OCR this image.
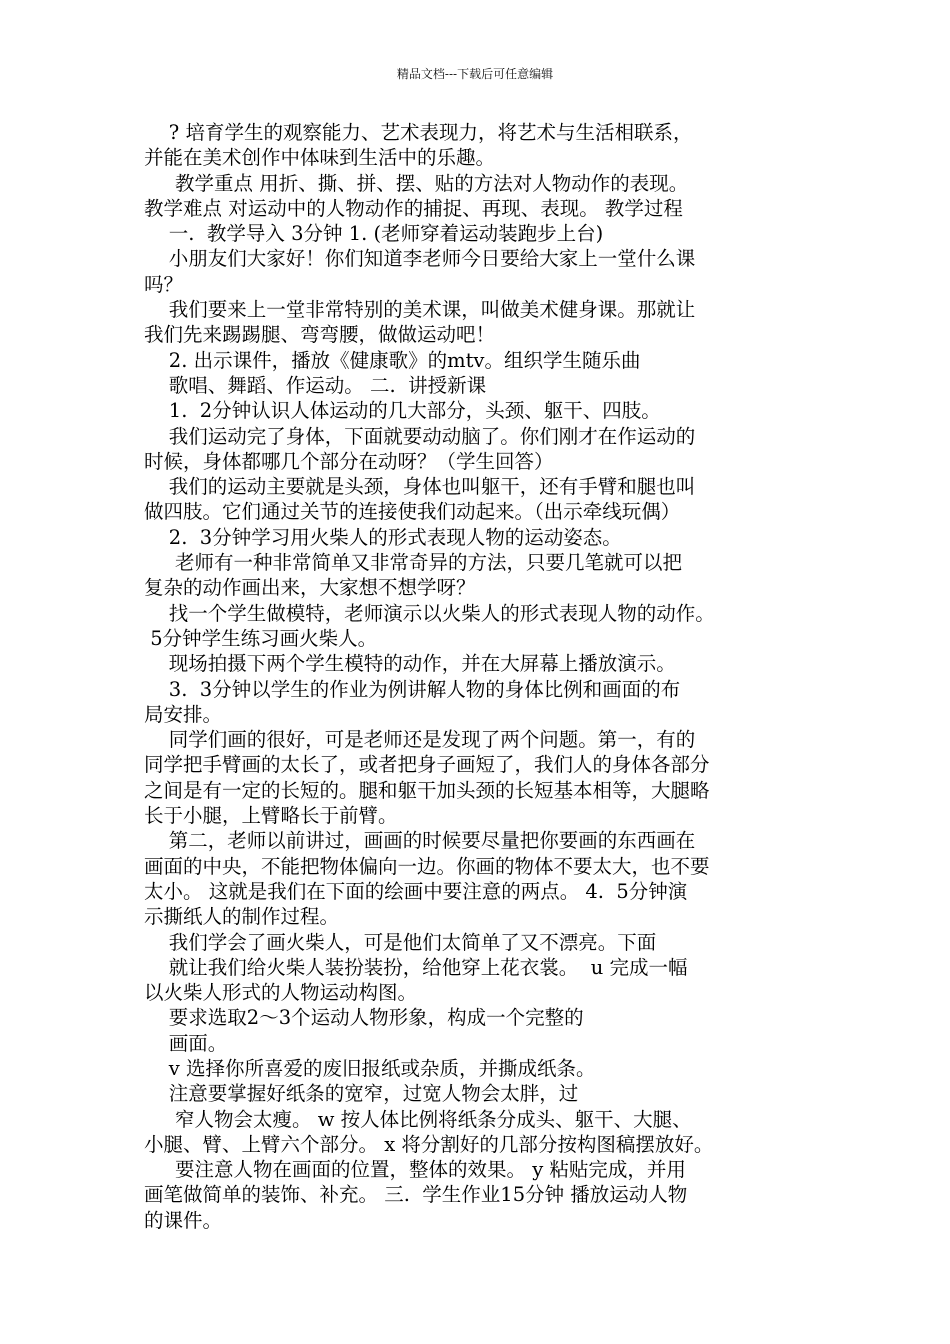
精品文档---下载后可任意编辑
? 培育学生的观察能力、艺术表现力，将艺术与生活相联系，
并能在美术创作中体味到生活中的乐趣。
教学重点 用折、撕、拼、摆、贴的方法对人物动作的表现。
教学难点 对运动中的人物动作的捕捉、再现、表现。 教学过程
一.  教学导入 3分钟 1. (老师穿着运动装跑步上台)
小朋友们大家好！你们知道李老师今日要给大家上一堂什么课
吗？
我们要来上一堂非常特别的美术课，叫做美术健身课。那就让
我们先来踢踢腿、弯弯腰，做做运动吧！
2. 出示课件，播放《健康歌》的mtv。组织学生随乐曲
歌唱、舞蹈、作运动。 二.  讲授新课
1.  2分钟认识人体运动的几大部分，头颈、躯干、四肢。
我们运动完了身体，下面就要动动脑了。你们刚才在作运动的
时候，身体都哪几个部分在动呀？（学生回答）
我们的运动主要就是头颈，身体也叫躯干，还有手臂和腿也叫
做四肢。它们通过关节的连接使我们动起来。（出示牵线玩偶）
2.  3分钟学习用火柴人的形式表现人物的运动姿态。
老师有一种非常简单又非常奇异的方法，只要几笔就可以把
复杂的动作画出来，大家想不想学呀？
找一个学生做模特，老师演示以火柴人的形式表现人物的动作。
5分钟学生练习画火柴人。
现场拍摄下两个学生模特的动作，并在大屏幕上播放演示。
3.  3分钟以学生的作业为例讲解人物的身体比例和画面的布
局安排。
同学们画的很好，可是老师还是发现了两个问题。第一，有的
同学把手臂画的太长了，或者把身子画短了，我们人的身体各部分
之间是有一定的长短的。腿和躯干加头颈的长短基本相等，大腿略
长于小腿，上臂略长于前臂。
第二，老师以前讲过，画画的时候要尽量把你要画的东西画在
画面的中央，不能把物体偏向一边。你画的物体不要太大，也不要
太小。 这就是我们在下面的绘画中要注意的两点。 4.  5分钟演
示撕纸人的制作过程。
我们学会了画火柴人，可是他们太简单了又不漂亮。下面
就让我们给火柴人装扮装扮，给他穿上花衣裳。  u 完成一幅
以火柴人形式的人物运动构图。
要求选取2～3个运动人物形象，构成一个完整的
画面。
v 选择你所喜爱的废旧报纸或杂质，并撕成纸条。
注意要掌握好纸条的宽窄，过宽人物会太胖，过
窄人物会太瘦。 w 按人体比例将纸条分成头、躯干、大腿、
小腿、臂、上臂六个部分。 x 将分割好的几部分按构图稿摆放好。
要注意人物在画面的位置，整体的效果。 y 粘贴完成，并用
画笔做简单的装饰、补充。 三.  学生作业15分钟 播放运动人物
的课件。
